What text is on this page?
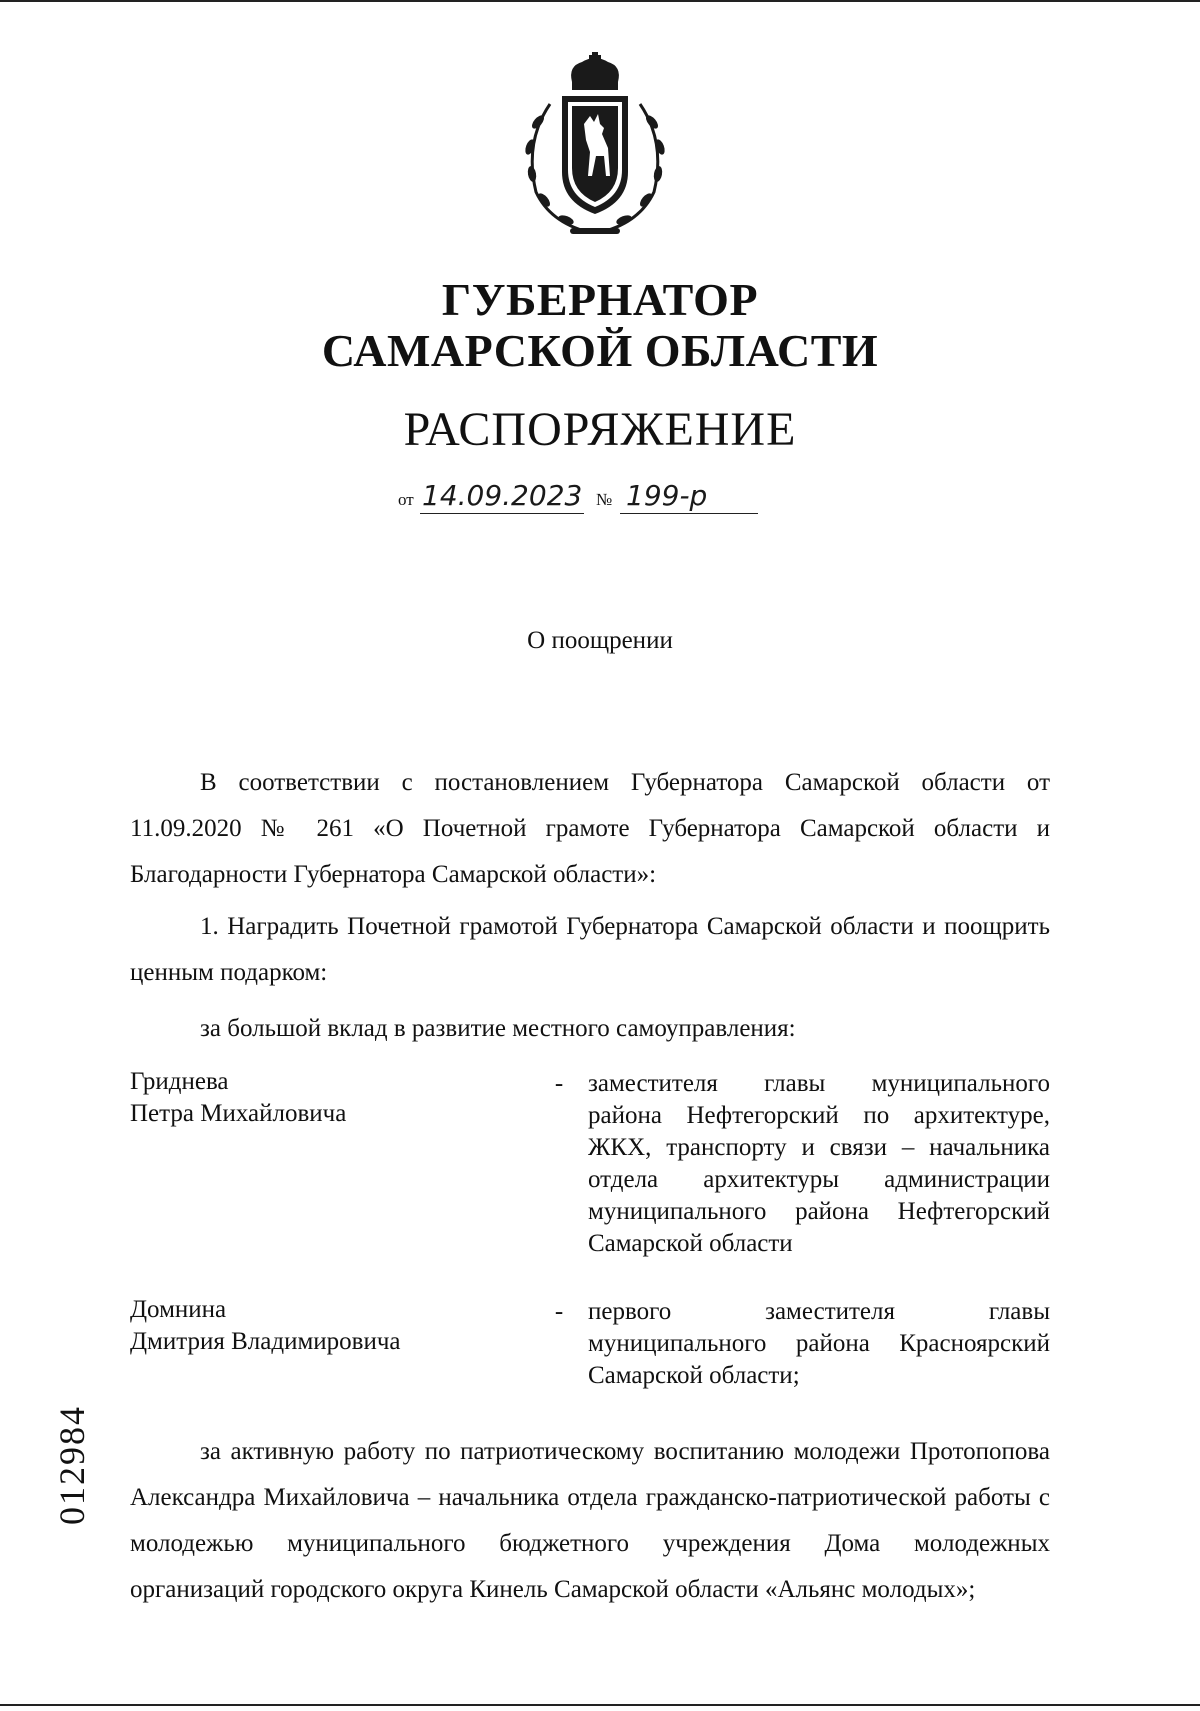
ГУБЕРНАТОР
САМАРСКОЙ ОБЛАСТИ
РАСПОРЯЖЕНИЕ
от 14.09.2023 № 199-р
О поощрении
В соответствии с постановлением Губернатора Самарской области от 11.09.2020 № 261 «О Почетной грамоте Губернатора Самарской области и Благодарности Губернатора Самарской области»:
1. Наградить Почетной грамотой Губернатора Самарской области и поощрить ценным подарком:
за большой вклад в развитие местного самоуправления:
Гриднева
Петра Михайловича
- заместителя главы муниципального района Нефтегорский по архитектуре, ЖКХ, транспорту и связи – начальника отдела архитектуры администрации муниципального района Нефтегорский Самарской области
Домнина
Дмитрия Владимировича
- первого заместителя главы муниципального района Красноярский Самарской области;
за активную работу по патриотическому воспитанию молодежи Протопопова Александра Михайловича – начальника отдела гражданско-патриотической работы с молодежью муниципального бюджетного учреждения Дома молодежных организаций городского округа Кинель Самарской области «Альянс молодых»;
012984
